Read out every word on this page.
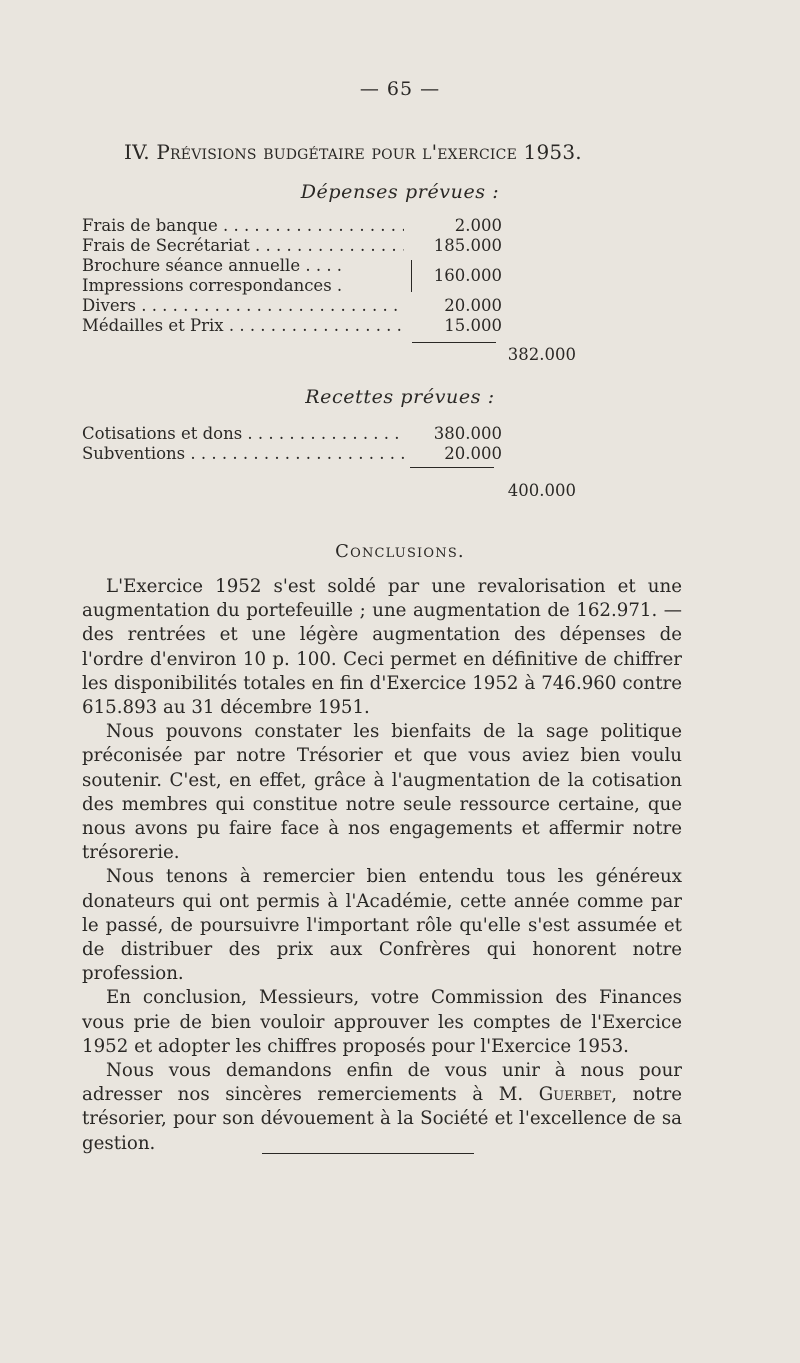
— 65 —
IV. Prévisions budgétaire pour l'exercice 1953.
Dépenses prévues :
Frais de banque . . .	2.000
Frais de Secrétariat . . .	185.000
Brochure séance annuelle . . .
Impressions correspondances . . .
160.000
Divers . . .	20.000
Médailles et Prix . . .	15.000
382.000
Recettes prévues :
Cotisations et dons . . .	380.000
Subventions . . .	20.000
400.000
Conclusions.

L'Exercice 1952 s'est soldé par une revalorisation et une augmentation du portefeuille ; une augmentation de 162.971. — des rentrées et une légère augmentation des dépenses de l'ordre d'environ 10 p. 100. Ceci permet en définitive de chiffrer les disponibilités totales en fin d'Exercice 1952 à 746.960 contre 615.893 au 31 décembre 1951.

Nous pouvons constater les bienfaits de la sage politique préconisée par notre Trésorier et que vous aviez bien voulu soutenir. C'est, en effet, grâce à l'augmentation de la cotisation des membres qui constitue notre seule ressource certaine, que nous avons pu faire face à nos engagements et affermir notre trésorerie.

Nous tenons à remercier bien entendu tous les généreux donateurs qui ont permis à l'Académie, cette année comme par le passé, de poursuivre l'important rôle qu'elle s'est assumée et de distribuer des prix aux Confrères qui honorent notre profession.

En conclusion, Messieurs, votre Commission des Finances vous prie de bien vouloir approuver les comptes de l'Exercice 1952 et adopter les chiffres proposés pour l'Exercice 1953.

Nous vous demandons enfin de vous unir à nous pour adresser nos sincères remerciements à M. Guerbet, notre trésorier, pour son dévouement à la Société et l'excellence de sa gestion.
